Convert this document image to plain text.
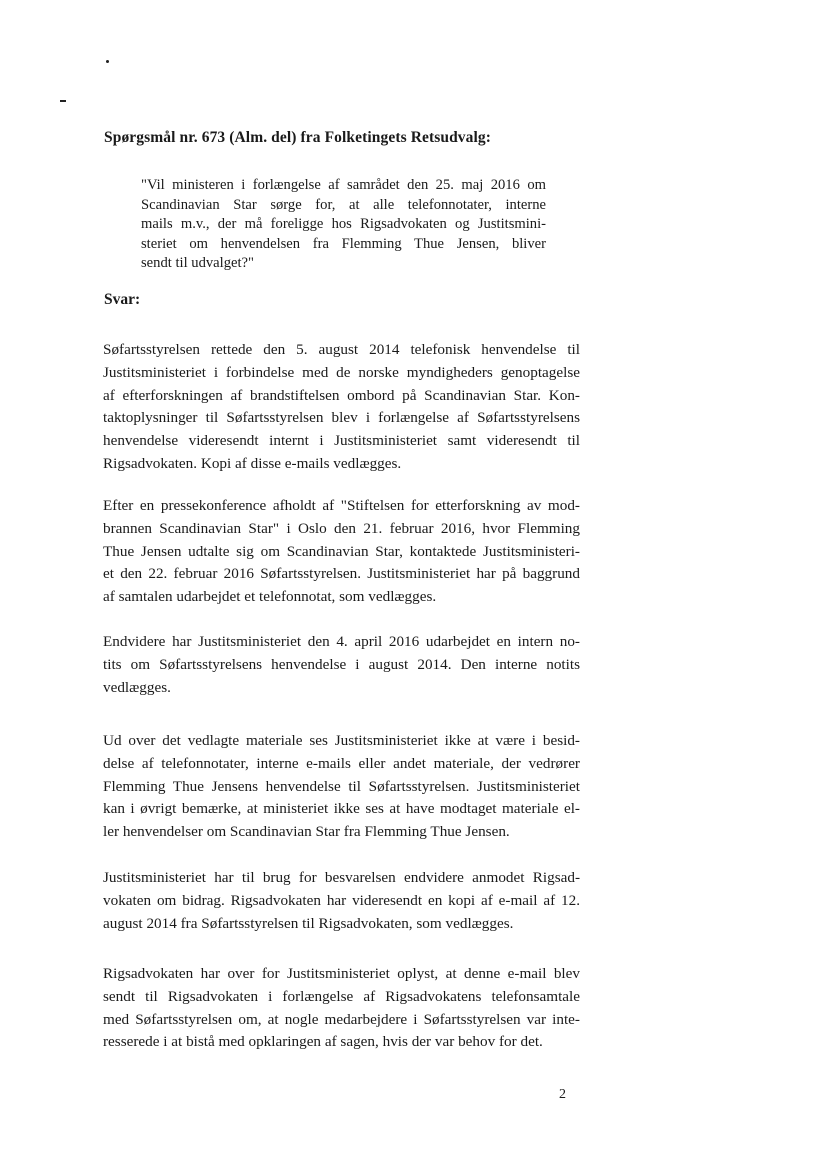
Spørgsmål nr. 673 (Alm. del) fra Folketingets Retsudvalg:
"Vil ministeren i forlængelse af samrådet den 25. maj 2016 om
Scandinavian Star sørge for, at alle telefonnotater, interne
mails m.v., der må foreligge hos Rigsadvokaten og Justitsmini-
steriet om henvendelsen fra Flemming Thue Jensen, bliver
sendt til udvalget?"
Svar:
Søfartsstyrelsen rettede den 5. august 2014 telefonisk henvendelse til
Justitsministeriet i forbindelse med de norske myndigheders genoptagelse
af efterforskningen af brandstiftelsen ombord på Scandinavian Star. Kon-
taktoplysninger til Søfartsstyrelsen blev i forlængelse af Søfartsstyrelsens
henvendelse videresendt internt i Justitsministeriet samt videresendt til
Rigsadvokaten. Kopi af disse e-mails vedlægges.
Efter en pressekonference afholdt af "Stiftelsen for etterforskning av mod-
brannen Scandinavian Star" i Oslo den 21. februar 2016, hvor Flemming
Thue Jensen udtalte sig om Scandinavian Star, kontaktede Justitsministeri-
et den 22. februar 2016 Søfartsstyrelsen. Justitsministeriet har på baggrund
af samtalen udarbejdet et telefonnotat, som vedlægges.
Endvidere har Justitsministeriet den 4. april 2016 udarbejdet en intern no-
tits om Søfartsstyrelsens henvendelse i august 2014. Den interne notits
vedlægges.
Ud over det vedlagte materiale ses Justitsministeriet ikke at være i besid-
delse af telefonnotater, interne e-mails eller andet materiale, der vedrører
Flemming Thue Jensens henvendelse til Søfartsstyrelsen. Justitsministeriet
kan i øvrigt bemærke, at ministeriet ikke ses at have modtaget materiale el-
ler henvendelser om Scandinavian Star fra Flemming Thue Jensen.
Justitsministeriet har til brug for besvarelsen endvidere anmodet Rigsad-
vokaten om bidrag. Rigsadvokaten har videresendt en kopi af e-mail af 12.
august 2014 fra Søfartsstyrelsen til Rigsadvokaten, som vedlægges.
Rigsadvokaten har over for Justitsministeriet oplyst, at denne e-mail blev
sendt til Rigsadvokaten i forlængelse af Rigsadvokatens telefonsamtale
med Søfartsstyrelsen om, at nogle medarbejdere i Søfartsstyrelsen var inte-
resserede i at bistå med opklaringen af sagen, hvis der var behov for det.
2
